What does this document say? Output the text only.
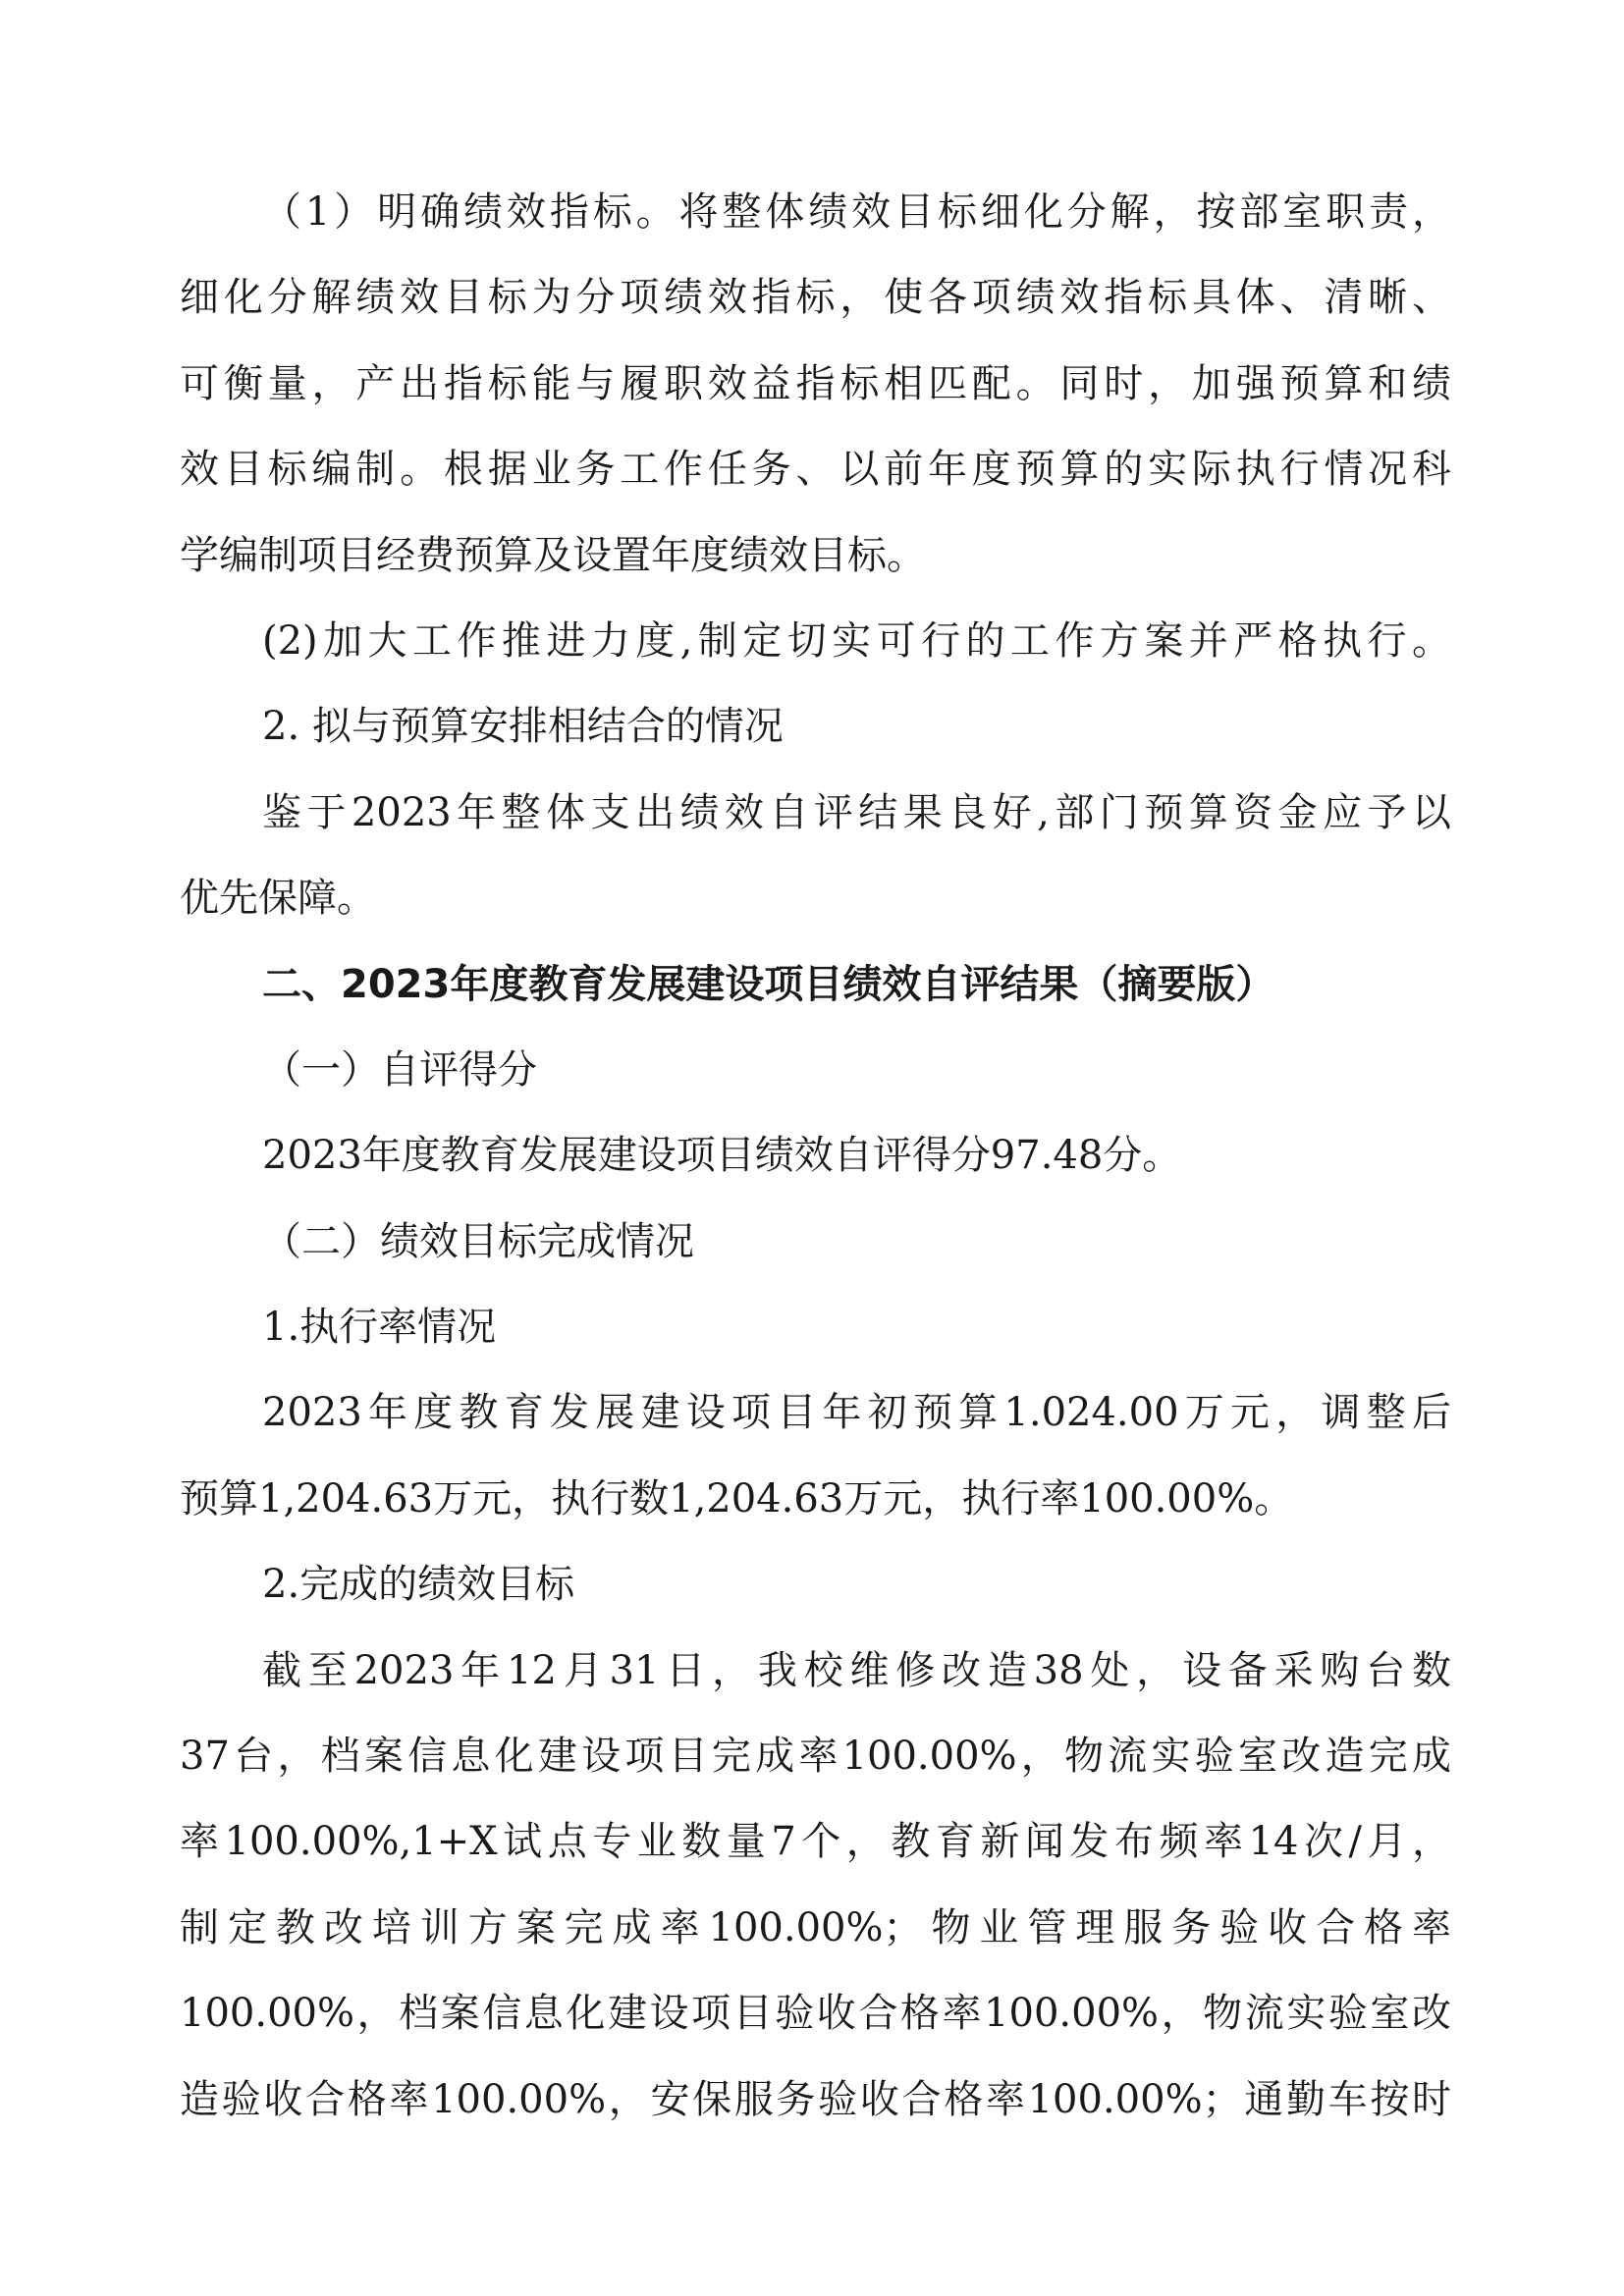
（1）明确绩效指标。将整体绩效目标细化分解，按部室职责，
细化分解绩效目标为分项绩效指标，使各项绩效指标具体、清晰、
可衡量，产出指标能与履职效益指标相匹配。同时，加强预算和绩
效目标编制。根据业务工作任务、以前年度预算的实际执行情况科
学编制项目经费预算及设置年度绩效目标。
(2)加大工作推进力度,制定切实可行的工作方案并严格执行。
2. 拟与预算安排相结合的情况
鉴于2023年整体支出绩效自评结果良好,部门预算资金应予以
优先保障。
二、2023年度教育发展建设项目绩效自评结果（摘要版）
（一）自评得分
2023年度教育发展建设项目绩效自评得分97.48分。
（二）绩效目标完成情况
1.执行率情况
2023年度教育发展建设项目年初预算1.024.00万元，调整后
预算1,204.63万元，执行数1,204.63万元，执行率100.00%。
2.完成的绩效目标
截至2023年12月31日，我校维修改造38处，设备采购台数
37台，档案信息化建设项目完成率100.00%，物流实验室改造完成
率100.00%,1+X试点专业数量7个，教育新闻发布频率14次/月，
制定教改培训方案完成率100.00%；物业管理服务验收合格率
100.00%，档案信息化建设项目验收合格率100.00%，物流实验室改
造验收合格率100.00%，安保服务验收合格率100.00%；通勤车按时
